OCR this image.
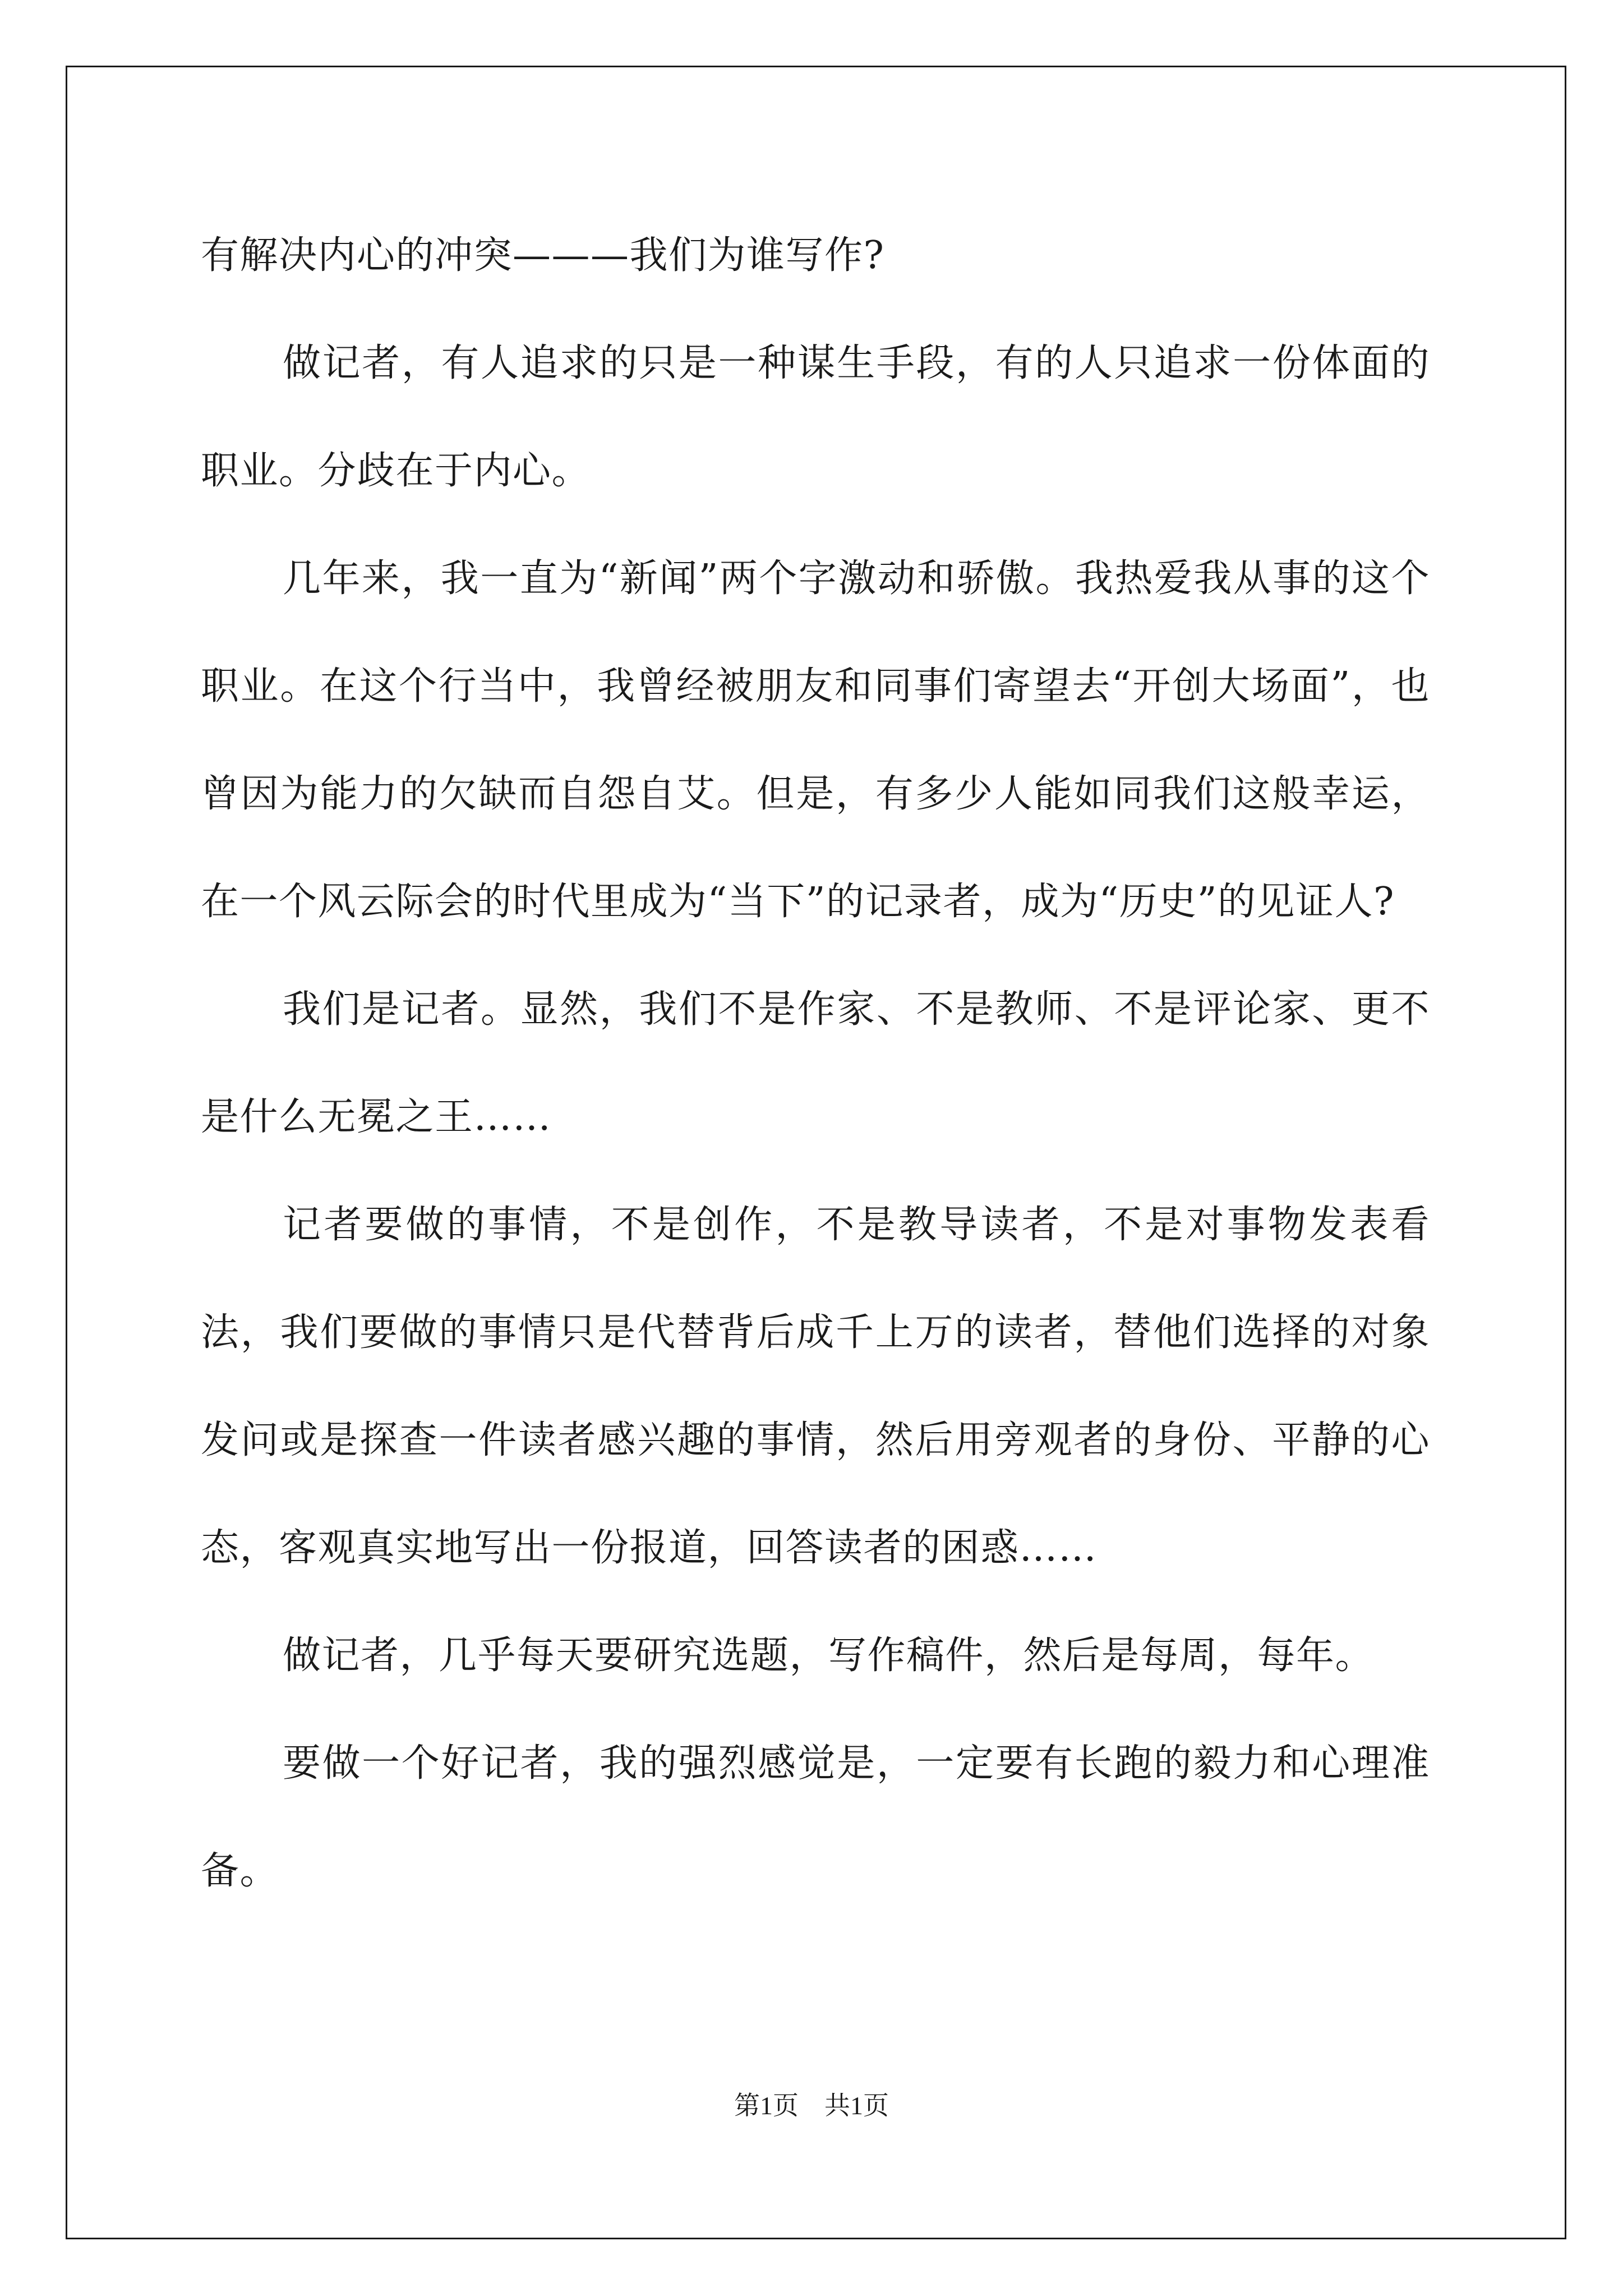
有解决内心的冲突———我们为谁写作?

做记者，有人追求的只是一种谋生手段，有的人只追求一份体面的职业。分歧在于内心。

几年来，我一直为“新闻”两个字激动和骄傲。我热爱我从事的这个职业。在这个行当中，我曾经被朋友和同事们寄望去“开创大场面”，也曾因为能力的欠缺而自怨自艾。但是，有多少人能如同我们这般幸运，在一个风云际会的时代里成为“当下”的记录者，成为“历史”的见证人?

我们是记者。显然，我们不是作家、不是教师、不是评论家、更不是什么无冕之王……

记者要做的事情，不是创作，不是教导读者，不是对事物发表看法，我们要做的事情只是代替背后成千上万的读者，替他们选择的对象发问或是探查一件读者感兴趣的事情，然后用旁观者的身份、平静的心态，客观真实地写出一份报道，回答读者的困惑……

做记者，几乎每天要研究选题，写作稿件，然后是每周，每年。

要做一个好记者，我的强烈感觉是，一定要有长跑的毅力和心理准备。

第1页 共1页
